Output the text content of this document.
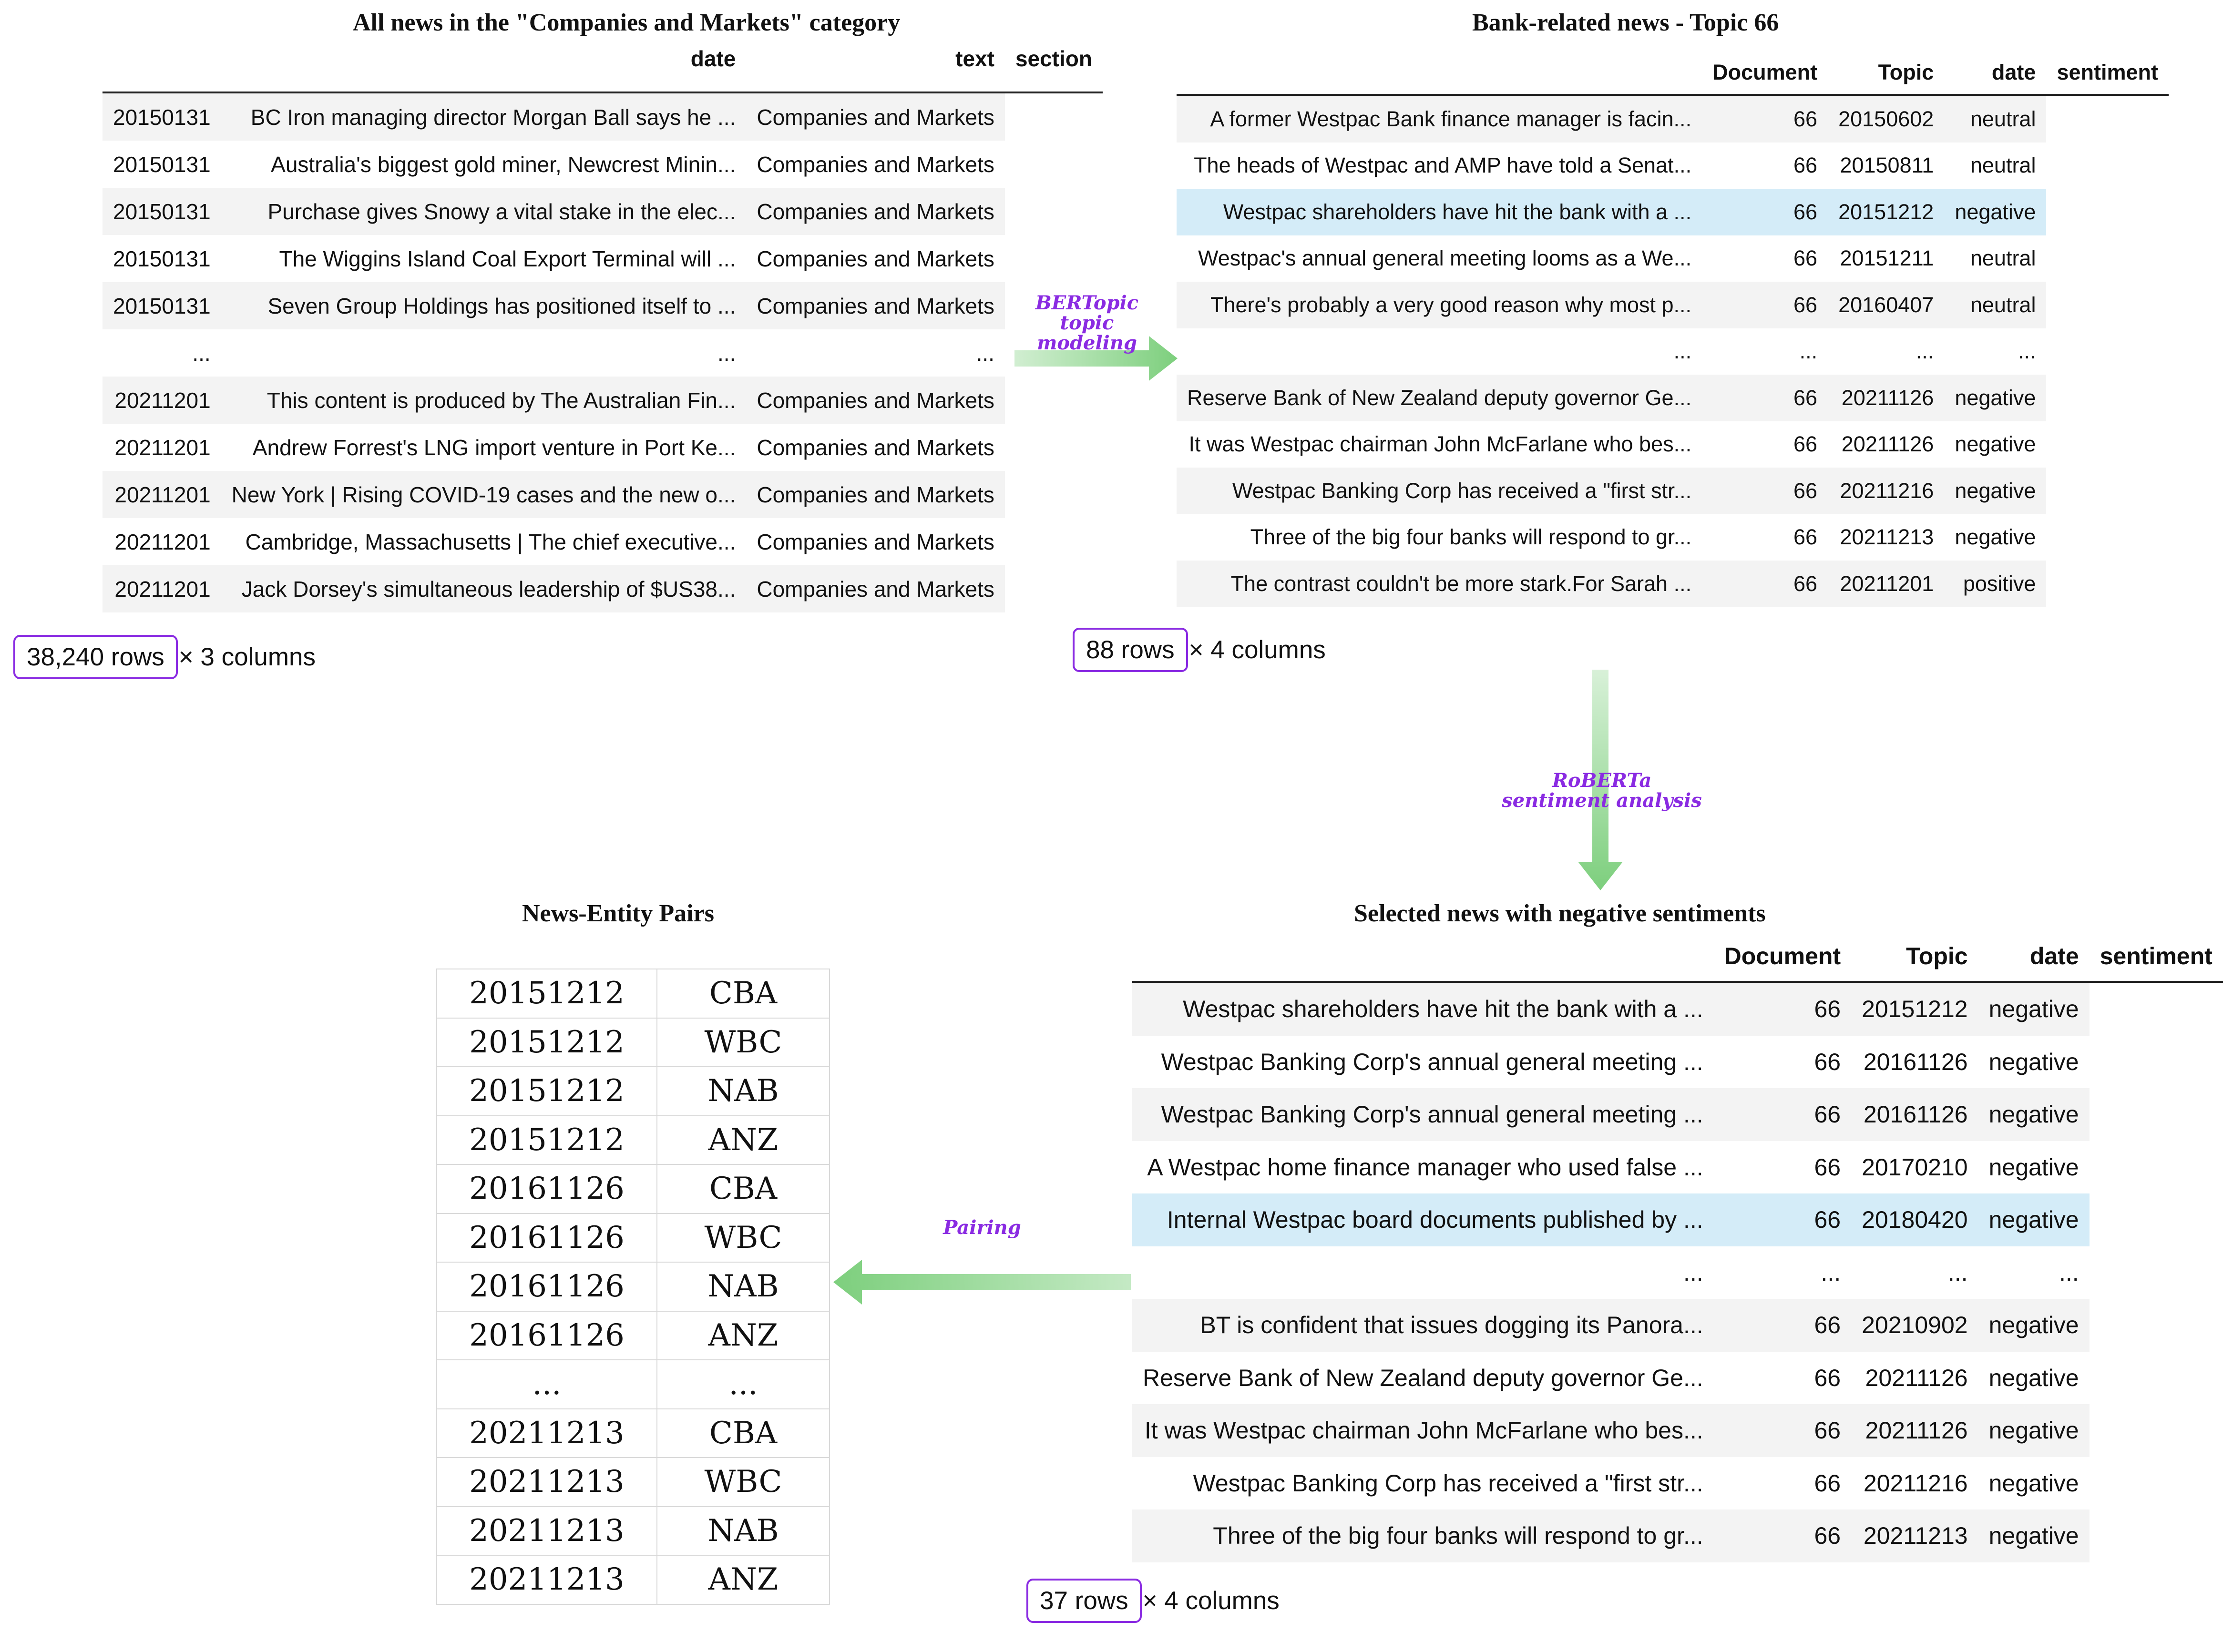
All news in the "Companies and Markets" category
	date	text	section
20150131	BC Iron managing director Morgan Ball says he ...	Companies and Markets	
20150131	Australia's biggest gold miner, Newcrest Minin...	Companies and Markets	
20150131	Purchase gives Snowy a vital stake in the elec...	Companies and Markets	
20150131	The Wiggins Island Coal Export Terminal will ...	Companies and Markets	
20150131	Seven Group Holdings has positioned itself to ...	Companies and Markets	
...	...	...	
20211201	This content is produced by The Australian Fin...	Companies and Markets	
20211201	Andrew Forrest's LNG import venture in Port Ke...	Companies and Markets	
20211201	New York | Rising COVID-19 cases and the new o...	Companies and Markets	
20211201	Cambridge, Massachusetts | The chief executive...	Companies and Markets	
20211201	Jack Dorsey's simultaneous leadership of $US38...	Companies and Markets	
38,240 rows × 3 columns
Bank-related news - Topic 66
	Document	Topic	date	sentiment
A former Westpac Bank finance manager is facin...	66	20150602	neutral	
The heads of Westpac and AMP have told a Senat...	66	20150811	neutral	
Westpac shareholders have hit the bank with a ...	66	20151212	negative	
Westpac's annual general meeting looms as a We...	66	20151211	neutral	
There's probably a very good reason why most p...	66	20160407	neutral	
...	...	...	...	
Reserve Bank of New Zealand deputy governor Ge...	66	20211126	negative	
It was Westpac chairman John McFarlane who bes...	66	20211126	negative	
Westpac Banking Corp has received a "first str...	66	20211216	negative	
Three of the big four banks will respond to gr...	66	20211213	negative	
The contrast couldn't be more stark.For Sarah ...	66	20211201	positive	
88 rows × 4 columns
Selected news with negative sentiments
	Document	Topic	date	sentiment
Westpac shareholders have hit the bank with a ...	66	20151212	negative	
Westpac Banking Corp's annual general meeting ...	66	20161126	negative	
Westpac Banking Corp's annual general meeting ...	66	20161126	negative	
A Westpac home finance manager who used false ...	66	20170210	negative	
Internal Westpac board documents published by ...	66	20180420	negative	
...	...	...	...	
BT is confident that issues dogging its Panora...	66	20210902	negative	
Reserve Bank of New Zealand deputy governor Ge...	66	20211126	negative	
It was Westpac chairman John McFarlane who bes...	66	20211126	negative	
Westpac Banking Corp has received a "first str...	66	20211216	negative	
Three of the big four banks will respond to gr...	66	20211213	negative	
37 rows × 4 columns
News-Entity Pairs
20151212	CBA
20151212	WBC
20151212	NAB
20151212	ANZ
20161126	CBA
20161126	WBC
20161126	NAB
20161126	ANZ
...	...
20211213	CBA
20211213	WBC
20211213	NAB
20211213	ANZ
BERTopic
topic
modeling
RoBERTa
sentiment analysis
Pairing
